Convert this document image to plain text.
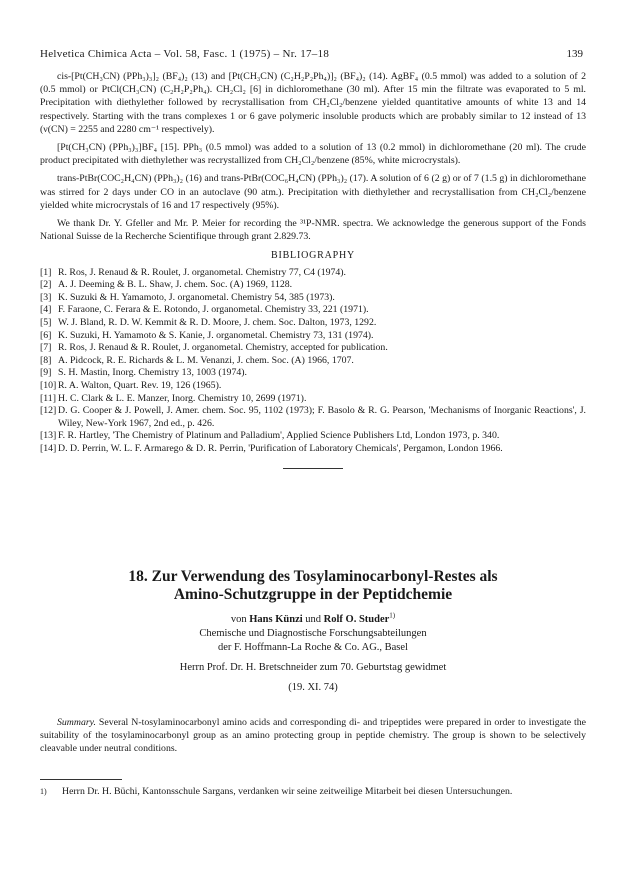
Helvetica Chimica Acta – Vol. 58, Fasc. 1 (1975) – Nr. 17–18	139

cis-[Pt(CH₃CN) (PPh₃)₃]₂ (BF₄)₂ (13) and [Pt(CH₃CN) (C₂H₂P₂Ph₄)]₂ (BF₄)₂ (14). AgBF₄ (0.5 mmol) was added to a solution of 2 (0.5 mmol) or PtCl(CH₃CN) (C₂H₂P₂Ph₄). CH₂Cl₂ [6] in dichloromethane (30 ml). After 15 min the filtrate was evaporated to 5 ml. Precipitation with diethylether followed by recrystallisation from CH₂Cl₂/benzene yielded quantitative amounts of white 13 and 14 respectively. Starting with the trans complexes 1 or 6 gave polymeric insoluble products which are probably similar to 12 instead of 13 (ν(CN) = 2255 and 2280 cm⁻¹ respectively).

[Pt(CH₃CN) (PPh₃)₃]BF₄ [15]. PPh₃ (0.5 mmol) was added to a solution of 13 (0.2 mmol) in dichloromethane (20 ml). The crude product precipitated with diethylether was recrystallized from CH₂Cl₂/benzene (85%, white microcrystals).

trans-PtBr(COC₂H₄CN) (PPh₃)₂ (16) and trans-PtBr(COC₆H₄CN) (PPh₃)₂ (17). A solution of 6 (2 g) or of 7 (1.5 g) in dichloromethane was stirred for 2 days under CO in an autoclave (90 atm.). Precipitation with diethylether and recrystallisation from CH₂Cl₂/benzene yielded white microcrystals of 16 and 17 respectively (95%).

We thank Dr. Y. Gfeller and Mr. P. Meier for recording the ³¹P-NMR. spectra. We acknowledge the generous support of the Fonds National Suisse de la Recherche Scientifique through grant 2.829.73.

BIBLIOGRAPHY
[1] R. Ros, J. Renaud & R. Roulet, J. organometal. Chemistry 77, C4 (1974).
[2] A. J. Deeming & B. L. Shaw, J. chem. Soc. (A) 1969, 1128.
[3] K. Suzuki & H. Yamamoto, J. organometal. Chemistry 54, 385 (1973).
[4] F. Faraone, C. Ferara & E. Rotondo, J. organometal. Chemistry 33, 221 (1971).
[5] W. J. Bland, R. D. W. Kemmit & R. D. Moore, J. chem. Soc. Dalton, 1973, 1292.
[6] K. Suzuki, H. Yamamoto & S. Kanie, J. organometal. Chemistry 73, 131 (1974).
[7] R. Ros, J. Renaud & R. Roulet, J. organometal. Chemistry, accepted for publication.
[8] A. Pidcock, R. E. Richards & L. M. Venanzi, J. chem. Soc. (A) 1966, 1707.
[9] S. H. Mastin, Inorg. Chemistry 13, 1003 (1974).
[10] R. A. Walton, Quart. Rev. 19, 126 (1965).
[11] H. C. Clark & L. E. Manzer, Inorg. Chemistry 10, 2699 (1971).
[12] D. G. Cooper & J. Powell, J. Amer. chem. Soc. 95, 1102 (1973); F. Basolo & R. G. Pearson, 'Mechanisms of Inorganic Reactions', J. Wiley, New-York 1967, 2nd ed., p. 426.
[13] F. R. Hartley, 'The Chemistry of Platinum and Palladium', Applied Science Publishers Ltd, London 1973, p. 340.
[14] D. D. Perrin, W. L. F. Armarego & D. R. Perrin, 'Purification of Laboratory Chemicals', Pergamon, London 1966.
18. Zur Verwendung des Tosylaminocarbonyl-Restes als
Amino-Schutzgruppe in der Peptidchemie

von Hans Künzi und Rolf O. Studer$^{1)}$

Chemische und Diagnostische Forschungsabteilungen

der F. Hoffmann-La Roche & Co. AG., Basel

Herrn Prof. Dr. H. Bretschneider zum 70. Geburtstag gewidmet

(19. XI. 74)

Summary. Several N-tosylaminocarbonyl amino acids and corresponding di- and tripeptides were prepared in order to investigate the suitability of the tosylaminocarbonyl group as an amino protecting group in peptide chemistry. The group is shown to be selectively cleavable under neutral conditions.

1)	Herrn Dr. H. Büchi, Kantonsschule Sargans, verdanken wir seine zeitweilige Mitarbeit bei diesen Untersuchungen.
